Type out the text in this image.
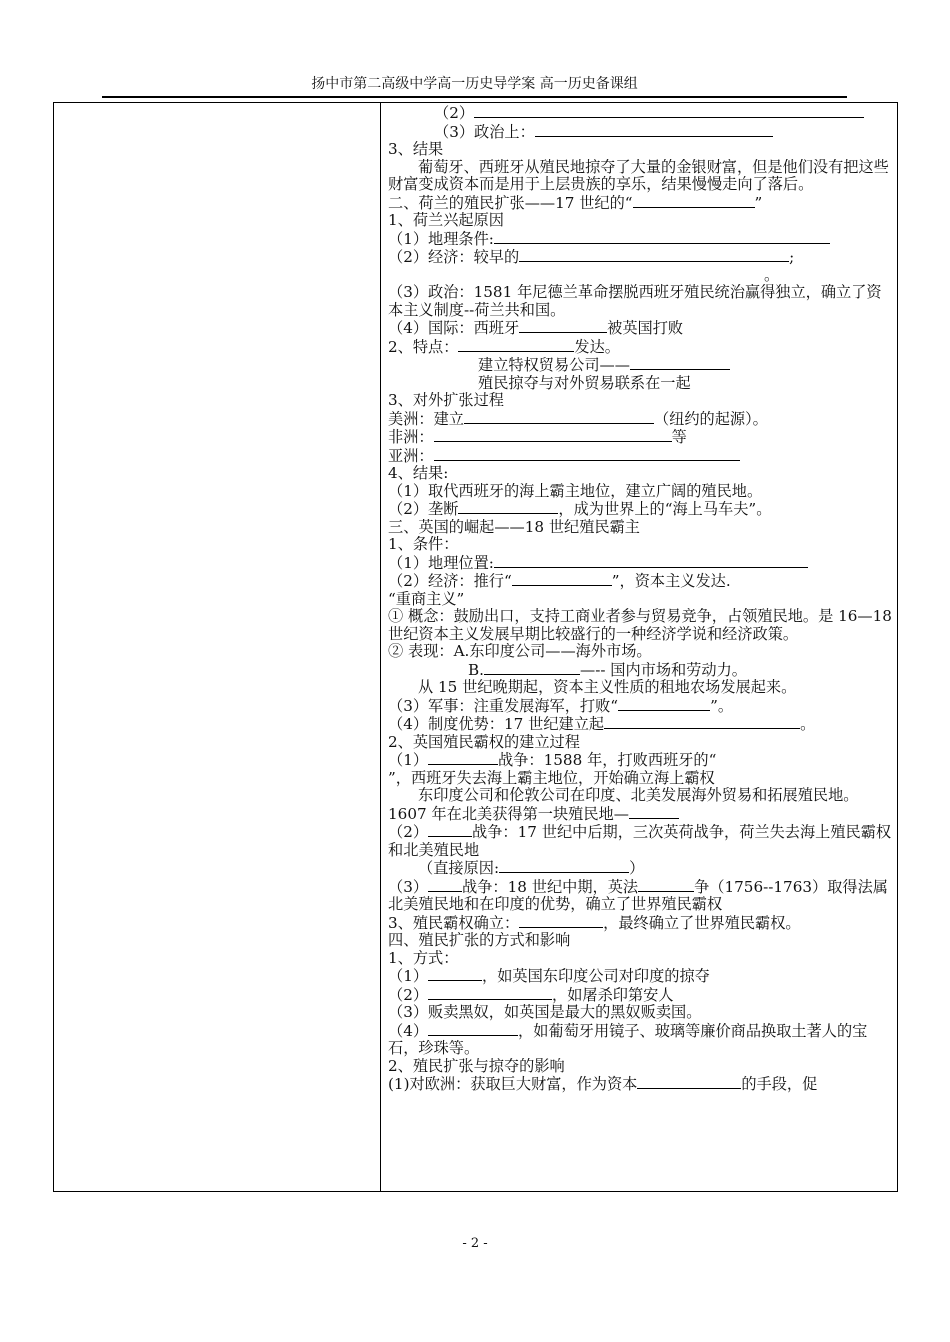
扬中市第二高级中学高一历史导学案 高一历史备课组
（2）
（3）政治上：
3、结果
葡萄牙、西班牙从殖民地掠夺了大量的金银财富，但是他们没有把这些财富变成资本而是用于上层贵族的享乐，结果慢慢走向了落后。
二、荷兰的殖民扩张——17 世纪的“	”
1、荷兰兴起原因
（1）地理条件:
（2）经济：较早的	;
。
（3）政治：1581 年尼德兰革命摆脱西班牙殖民统治赢得独立，确立了资本主义制度--荷兰共和国。
（4）国际：西班牙	被英国打败
2、特点：	发达。
建立特权贸易公司——
殖民掠夺与对外贸易联系在一起
3、对外扩张过程
美洲：建立	（纽约的起源）。
非洲：	等
亚洲：
4、结果:
（1）取代西班牙的海上霸主地位，建立广阔的殖民地。
（2）垄断	，成为世界上的“海上马车夫”。
三、英国的崛起——18 世纪殖民霸主
1、条件：
（1）地理位置:
（2）经济：推行“	”，资本主义发达.
“重商主义”
① 概念：鼓励出口，支持工商业者参与贸易竞争，占领殖民地。是 16—18 世纪资本主义发展早期比较盛行的一种经济学说和经济政策。
② 表现：A.东印度公司——海外市场。
B.	—-- 国内市场和劳动力。
从 15 世纪晚期起，资本主义性质的租地农场发展起来。
（3）军事：注重发展海军，打败“	”。
（4）制度优势：17 世纪建立起	。
2、英国殖民霸权的建立过程
（1）	战争：1588 年，打败西班牙的“
”，西班牙失去海上霸主地位，开始确立海上霸权
东印度公司和伦敦公司在印度、北美发展海外贸易和拓展殖民地。1607 年在北美获得第一块殖民地—
（2）	战争：17 世纪中后期，三次英荷战争，荷兰失去海上殖民霸权和北美殖民地
（直接原因:	）
（3） 战争：18 世纪中期，英法	争（1756--1763）取得法属北美殖民地和在印度的优势，确立了世界殖民霸权
3、殖民霸权确立：	，最终确立了世界殖民霸权。
四、殖民扩张的方式和影响
1、方式：
（1）	，如英国东印度公司对印度的掠夺
（2）	，如屠杀印第安人
（3）贩卖黑奴，如英国是最大的黑奴贩卖国。
（4）	，如葡萄牙用镜子、玻璃等廉价商品换取土著人的宝石，珍珠等。
2、殖民扩张与掠夺的影响
(1)对欧洲：获取巨大财富，作为资本	的手段，促
- 2 -
